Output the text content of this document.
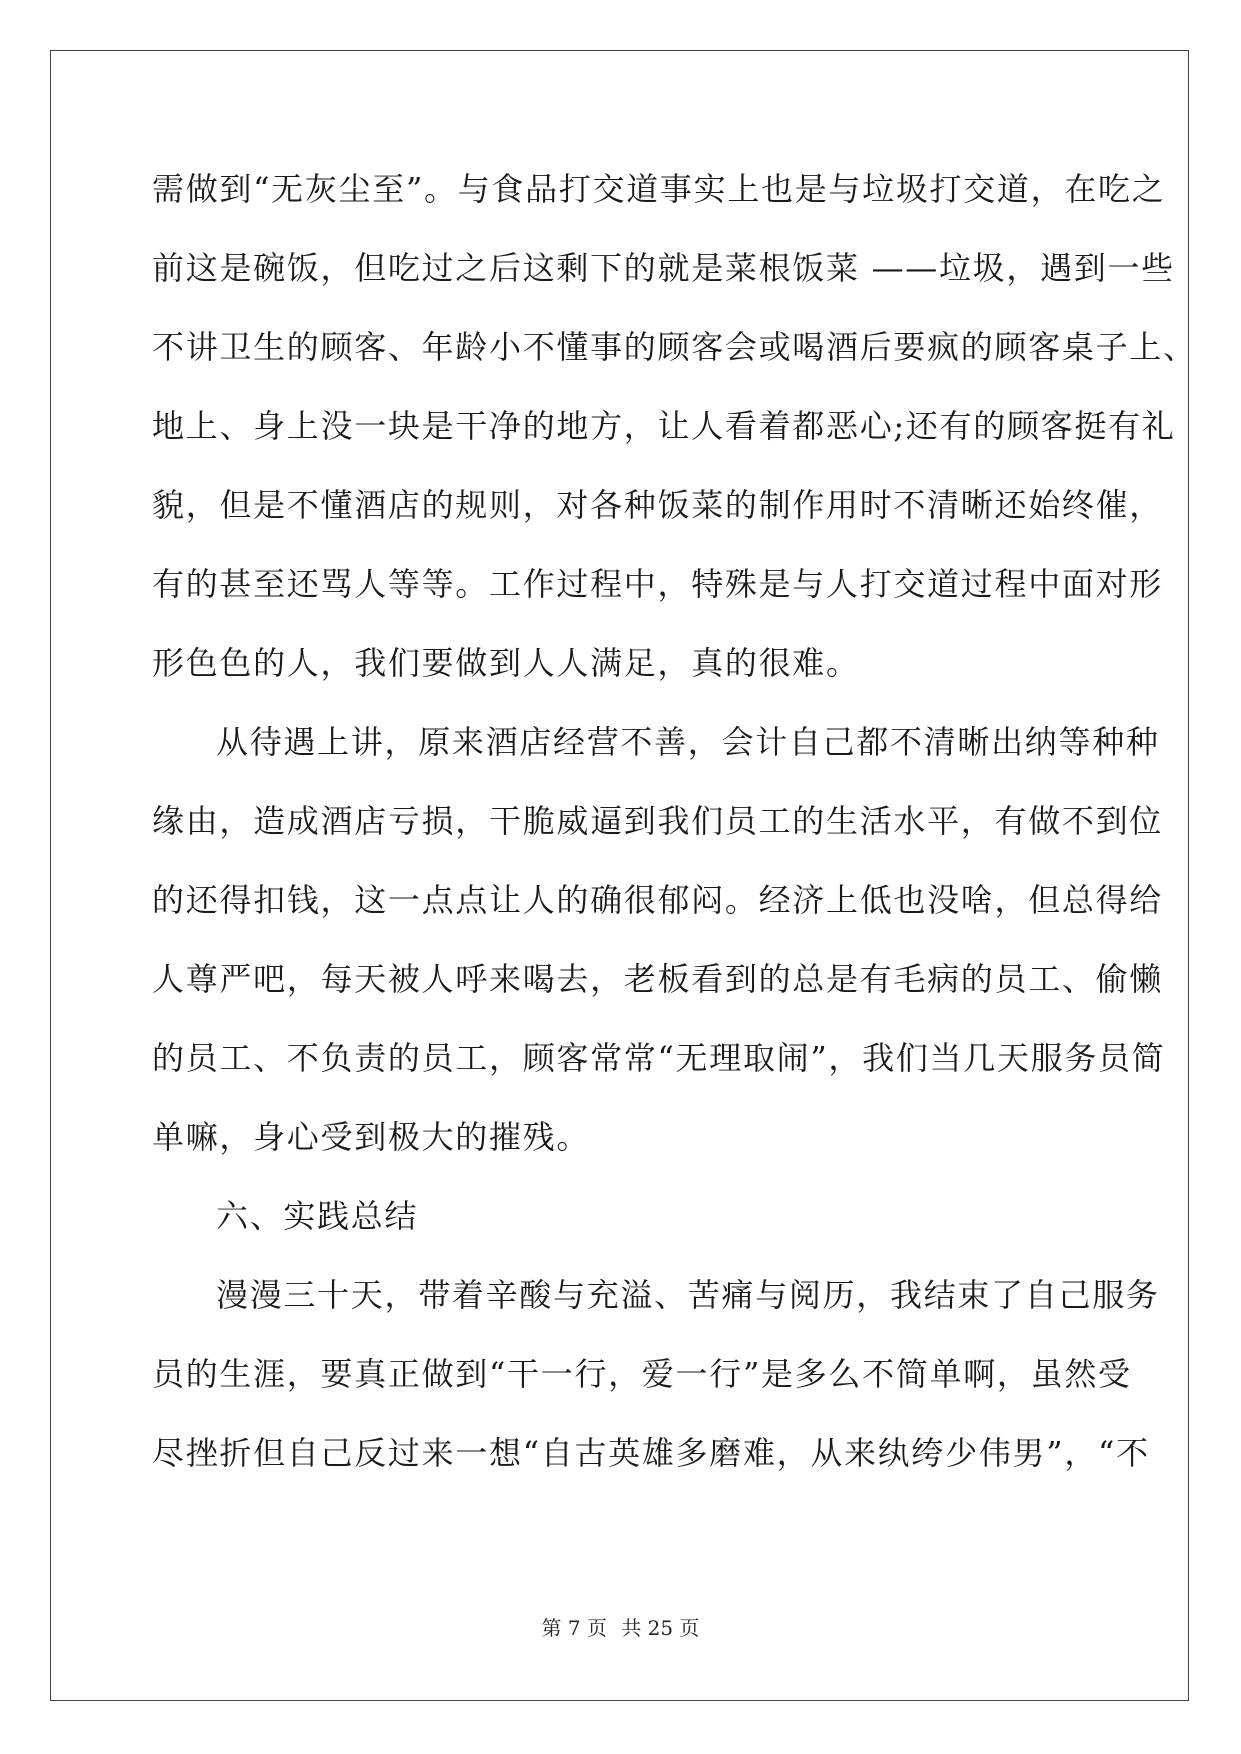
需做到“无灰尘至”。与食品打交道事实上也是与垃圾打交道，在吃之
前这是碗饭，但吃过之后这剩下的就是菜根饭菜 ——垃圾，遇到一些
不讲卫生的顾客、年龄小不懂事的顾客会或喝酒后要疯的顾客桌子上、
地上、身上没一块是干净的地方，让人看着都恶心;还有的顾客挺有礼
貌，但是不懂酒店的规则，对各种饭菜的制作用时不清晰还始终催，
有的甚至还骂人等等。工作过程中，特殊是与人打交道过程中面对形
形色色的人，我们要做到人人满足，真的很难。
从待遇上讲，原来酒店经营不善，会计自己都不清晰出纳等种种
缘由，造成酒店亏损，干脆威逼到我们员工的生活水平，有做不到位
的还得扣钱，这一点点让人的确很郁闷。经济上低也没啥，但总得给
人尊严吧，每天被人呼来喝去，老板看到的总是有毛病的员工、偷懒
的员工、不负责的员工，顾客常常“无理取闹”，我们当几天服务员简
单嘛，身心受到极大的摧残。
六、实践总结
漫漫三十天，带着辛酸与充溢、苦痛与阅历，我结束了自己服务
员的生涯，要真正做到“干一行，爱一行”是多么不简单啊，虽然受
尽挫折但自己反过来一想“自古英雄多磨难，从来纨绔少伟男”，“不
第 7 页 共 25 页
